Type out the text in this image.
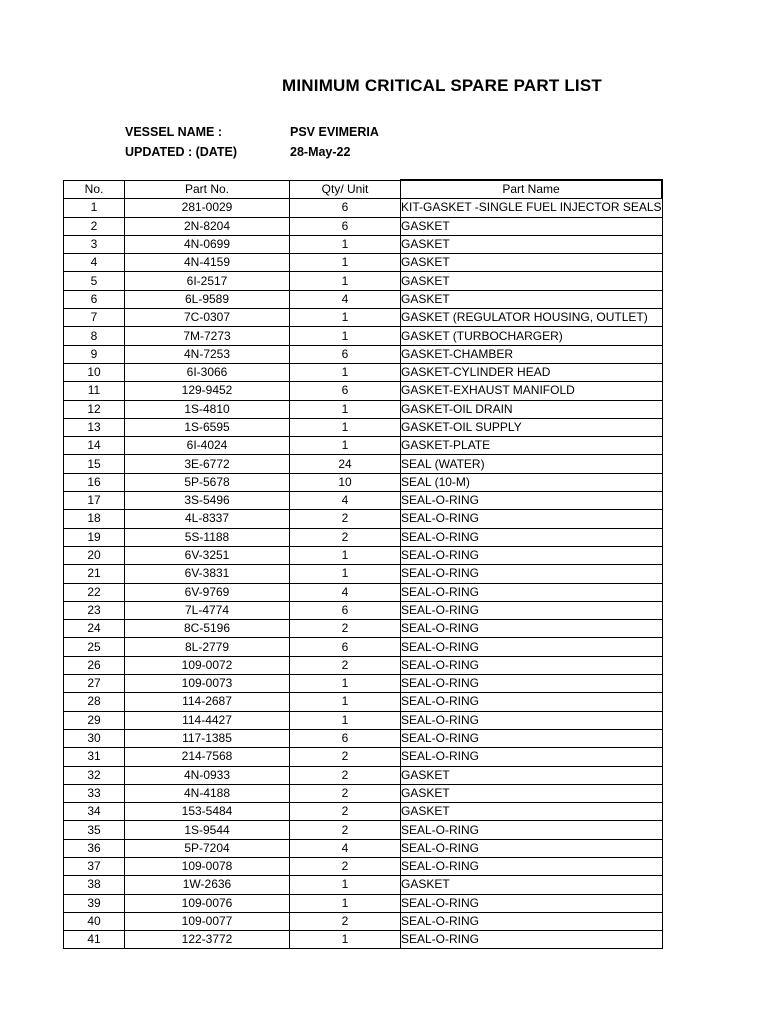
MINIMUM CRITICAL SPARE PART LIST
VESSEL NAME :	PSV EVIMERIA
UPDATED : (DATE)	28-May-22
No.	Part No.	Qty/ Unit	Part Name
1	281-0029	6	KIT-GASKET -SINGLE FUEL INJECTOR SEALS
2	2N-8204	6	GASKET
3	4N-0699	1	GASKET
4	4N-4159	1	GASKET
5	6I-2517	1	GASKET
6	6L-9589	4	GASKET
7	7C-0307	1	GASKET (REGULATOR HOUSING, OUTLET)
8	7M-7273	1	GASKET (TURBOCHARGER)
9	4N-7253	6	GASKET-CHAMBER
10	6I-3066	1	GASKET-CYLINDER HEAD
11	129-9452	6	GASKET-EXHAUST MANIFOLD
12	1S-4810	1	GASKET-OIL DRAIN
13	1S-6595	1	GASKET-OIL SUPPLY
14	6I-4024	1	GASKET-PLATE
15	3E-6772	24	SEAL (WATER)
16	5P-5678	10	SEAL (10-M)
17	3S-5496	4	SEAL-O-RING
18	4L-8337	2	SEAL-O-RING
19	5S-1188	2	SEAL-O-RING
20	6V-3251	1	SEAL-O-RING
21	6V-3831	1	SEAL-O-RING
22	6V-9769	4	SEAL-O-RING
23	7L-4774	6	SEAL-O-RING
24	8C-5196	2	SEAL-O-RING
25	8L-2779	6	SEAL-O-RING
26	109-0072	2	SEAL-O-RING
27	109-0073	1	SEAL-O-RING
28	114-2687	1	SEAL-O-RING
29	114-4427	1	SEAL-O-RING
30	117-1385	6	SEAL-O-RING
31	214-7568	2	SEAL-O-RING
32	4N-0933	2	GASKET
33	4N-4188	2	GASKET
34	153-5484	2	GASKET
35	1S-9544	2	SEAL-O-RING
36	5P-7204	4	SEAL-O-RING
37	109-0078	2	SEAL-O-RING
38	1W-2636	1	GASKET
39	109-0076	1	SEAL-O-RING
40	109-0077	2	SEAL-O-RING
41	122-3772	1	SEAL-O-RING
